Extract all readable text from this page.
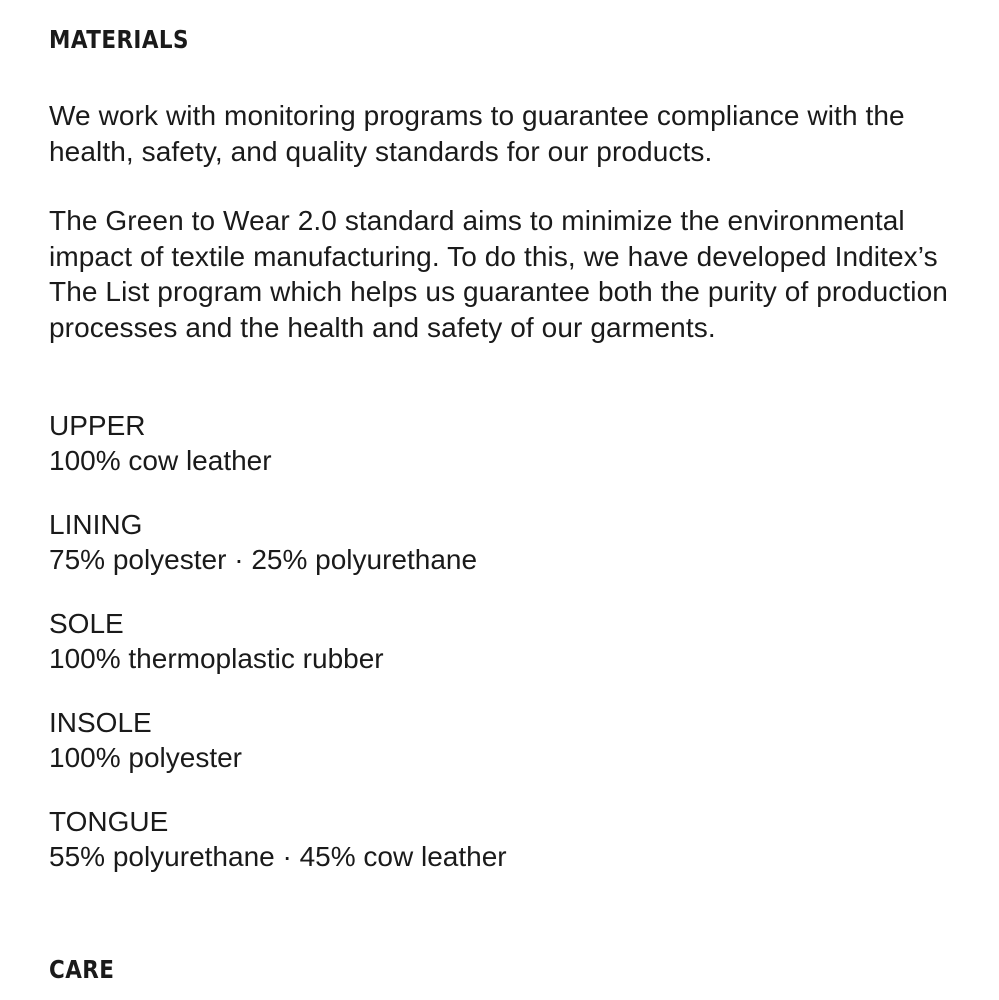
MATERIALS

We work with monitoring programs to guarantee compliance with the health, safety, and quality standards for our products.

The Green to Wear 2.0 standard aims to minimize the environmental impact of textile manufacturing. To do this, we have developed Inditex’s The List program which helps us guarantee both the purity of production processes and the health and safety of our garments.

UPPER
100% cow leather
LINING
75% polyester · 25% polyurethane
SOLE
100% thermoplastic rubber
INSOLE
100% polyester
TONGUE
55% polyurethane · 45% cow leather
CARE
